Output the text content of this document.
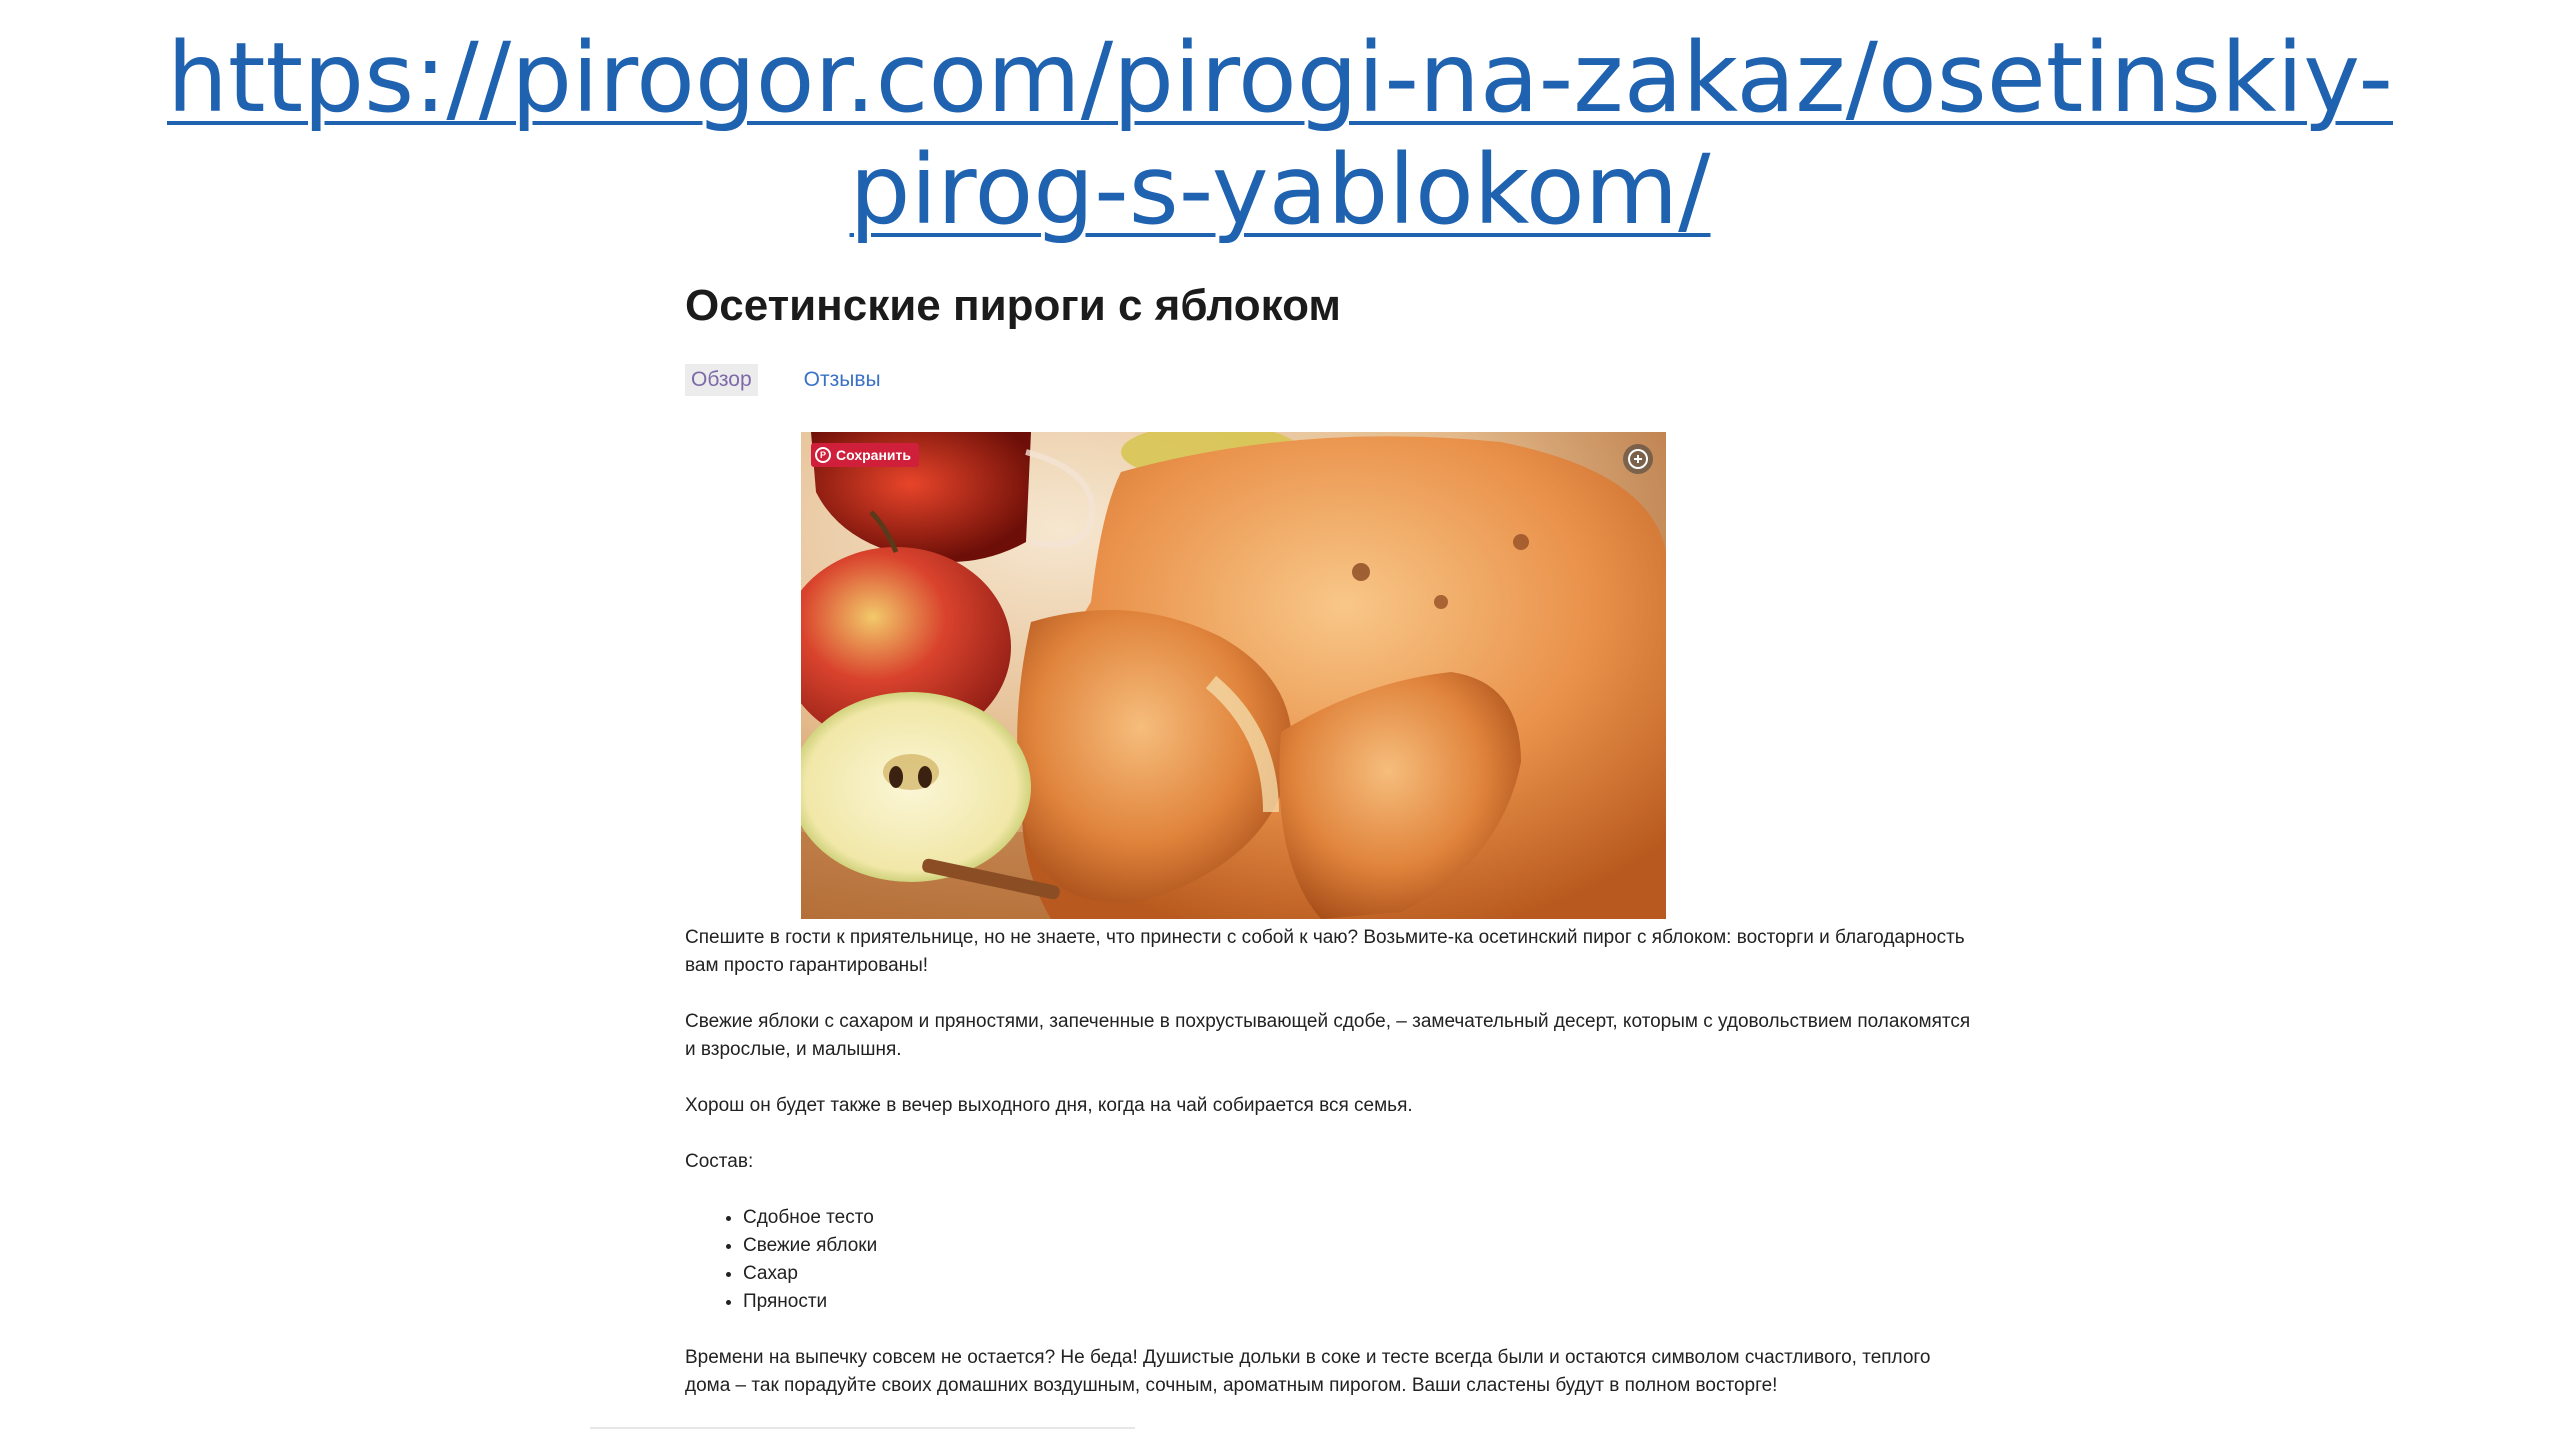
https://pirogor.com/pirogi-na-zakaz/osetinskiy-
pirog-s-yablokom/
Осетинские пироги с яблоком
Обзор Отзывы
P Сохранить

Спешите в гости к приятельнице, но не знаете, что принести с собой к чаю? Возьмите-ка осетинский пирог с яблоком: восторги и благодарность вам просто гарантированы!

Свежие яблоки с сахаром и пряностями, запеченные в похрустывающей сдобе, – замечательный десерт, которым с удовольствием полакомятся и взрослые, и малышня.

Хорош он будет также в вечер выходного дня, когда на чай собирается вся семья.

Состав:

• Сдобное тесто
• Свежие яблоки
• Сахар
• Пряности

Времени на выпечку совсем не остается? Не беда! Душистые дольки в соке и тесте всегда были и остаются символом счастливого, теплого дома – так порадуйте своих домашних воздушным, сочным, ароматным пирогом. Ваши сластены будут в полном восторге!
